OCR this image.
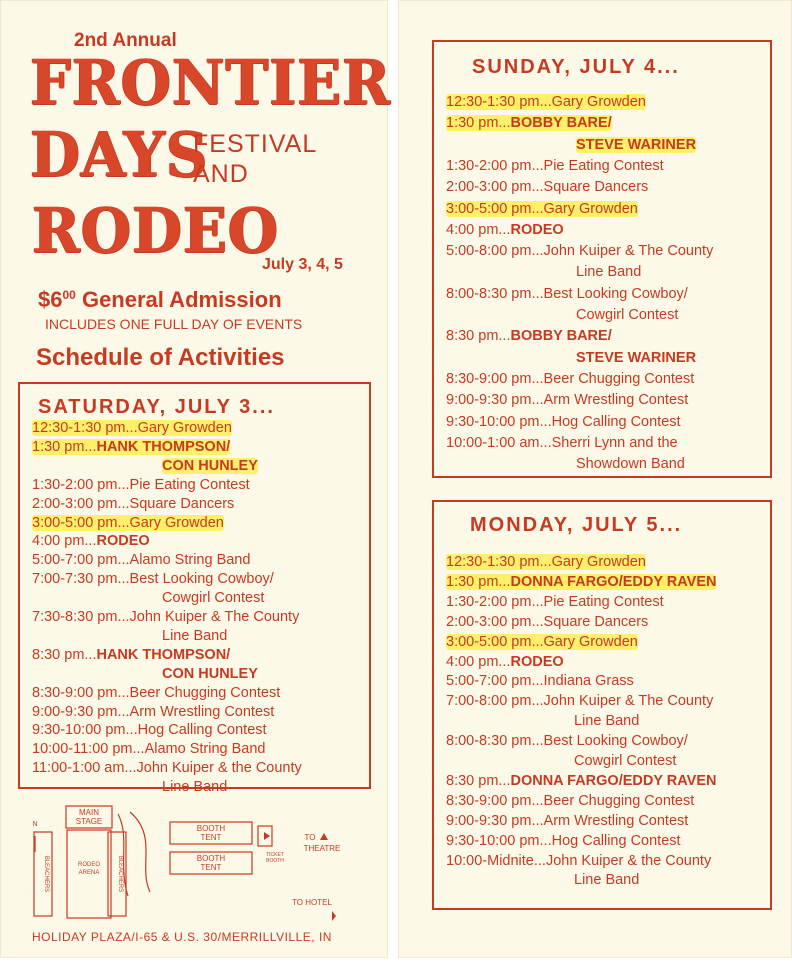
2nd Annual
FRONTIER
DAYS
FESTIVAL
AND
RODEO
July 3, 4, 5
$\$6^{00}$ General Admission
INCLUDES ONE FULL DAY OF EVENTS
Schedule of Activities
SATURDAY, JULY 3...
12:30-1:30 pm...Gary Growden
1:30 pm...HANK THOMPSON/
CON HUNLEY
1:30-2:00 pm...Pie Eating Contest
2:00-3:00 pm...Square Dancers
3:00-5:00 pm...Gary Growden
4:00 pm...RODEO
5:00-7:00 pm...Alamo String Band
7:00-7:30 pm...Best Looking Cowboy/
Cowgirl Contest
7:30-8:30 pm...John Kuiper & The County
Line Band
8:30 pm...HANK THOMPSON/
CON HUNLEY
8:30-9:00 pm...Beer Chugging Contest
9:00-9:30 pm...Arm Wrestling Contest
9:30-10:00 pm...Hog Calling Contest
10:00-11:00 pm...Alamo String Band
11:00-1:00 am...John Kuiper & the County
Line Band
MAIN
STAGE
RODEO
ARENA
BLEACHERS	BLEACHERS
BOOTH
TENT
BOOTH
TENT
TICKET
BOOTH
TO
THEATRE
TO HOTEL
N
HOLIDAY PLAZA/I-65 & U.S. 30/MERRILLVILLE, IN
SUNDAY, JULY 4...
12:30-1:30 pm...Gary Growden
1:30 pm...BOBBY BARE/
STEVE WARINER
1:30-2:00 pm...Pie Eating Contest
2:00-3:00 pm...Square Dancers
3:00-5:00 pm...Gary Growden
4:00 pm...RODEO
5:00-8:00 pm...John Kuiper & The County
Line Band
8:00-8:30 pm...Best Looking Cowboy/
Cowgirl Contest
8:30 pm...BOBBY BARE/
STEVE WARINER
8:30-9:00 pm...Beer Chugging Contest
9:00-9:30 pm...Arm Wrestling Contest
9:30-10:00 pm...Hog Calling Contest
10:00-1:00 am...Sherri Lynn and the
Showdown Band
MONDAY, JULY 5...
12:30-1:30 pm...Gary Growden
1:30 pm...DONNA FARGO/EDDY RAVEN
1:30-2:00 pm...Pie Eating Contest
2:00-3:00 pm...Square Dancers
3:00-5:00 pm...Gary Growden
4:00 pm...RODEO
5:00-7:00 pm...Indiana Grass
7:00-8:00 pm...John Kuiper & The County
Line Band
8:00-8:30 pm...Best Looking Cowboy/
Cowgirl Contest
8:30 pm...DONNA FARGO/EDDY RAVEN
8:30-9:00 pm...Beer Chugging Contest
9:00-9:30 pm...Arm Wrestling Contest
9:30-10:00 pm...Hog Calling Contest
10:00-Midnite...John Kuiper & the County
Line Band
